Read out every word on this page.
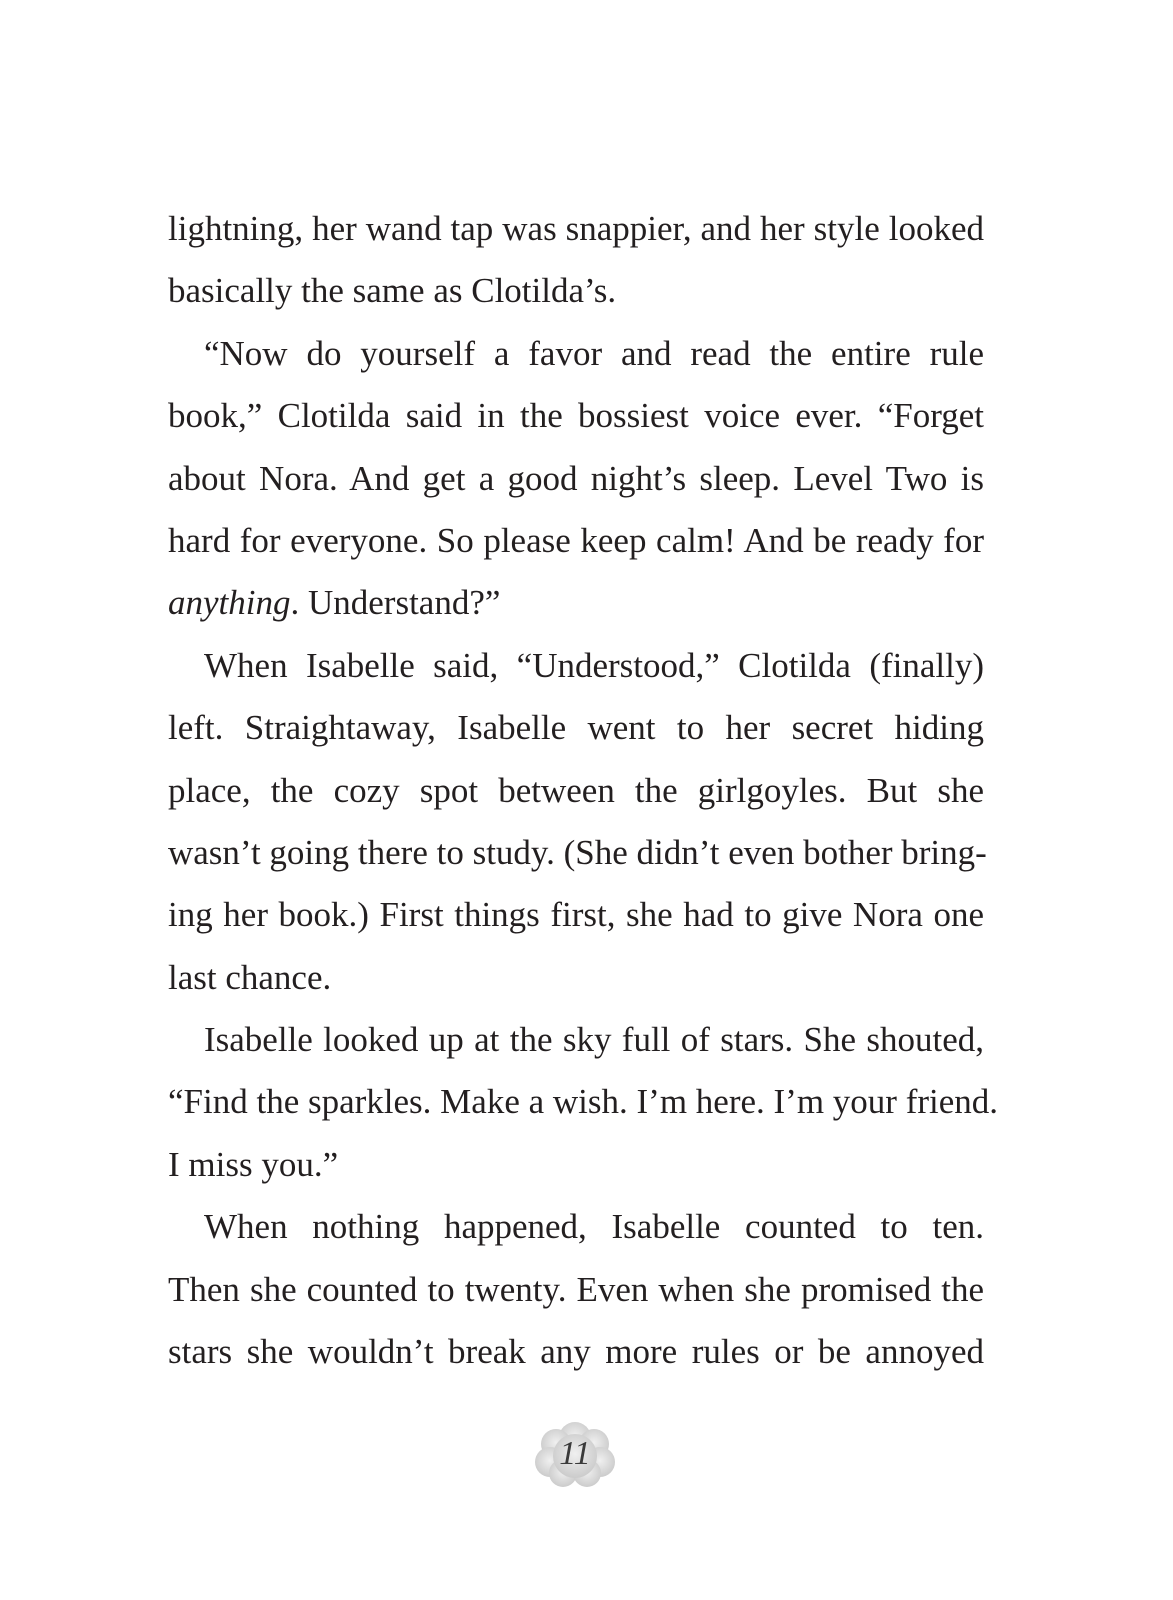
lightning, her wand tap was snappier, and her style looked
basically the same as Clotilda’s.
“Now do yourself a favor and read the entire rule
book,” Clotilda said in the bossiest voice ever. “Forget
about Nora. And get a good night’s sleep. Level Two is
hard for everyone. So please keep calm! And be ready for
anything. Understand?”
When Isabelle said, “Understood,” Clotilda (finally)
left. Straightaway, Isabelle went to her secret hiding
place, the cozy spot between the girlgoyles. But she
wasn’t going there to study. (She didn’t even bother bring-
ing her book.) First things first, she had to give Nora one
last chance.
Isabelle looked up at the sky full of stars. She shouted,
“Find the sparkles. Make a wish. I’m here. I’m your friend.
I miss you.”
When nothing happened, Isabelle counted to ten.
Then she counted to twenty. Even when she promised the
stars she wouldn’t break any more rules or be annoyed
11
